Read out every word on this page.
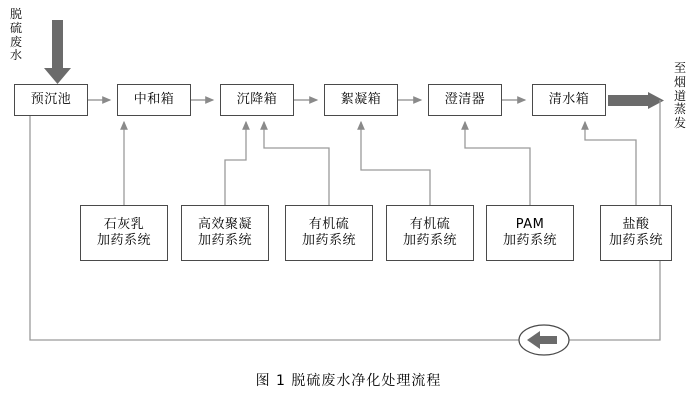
脱
硫
废
水
至
烟
道
蒸
发
预沉池	中和箱	沉降箱	絮凝箱	澄清器	清水箱
石灰乳
加药系统
高效聚凝
加药系统
有机硫
加药系统
有机硫
加药系统
PAM
加药系统
盐酸
加药系统
图 1 脱硫废水净化处理流程
